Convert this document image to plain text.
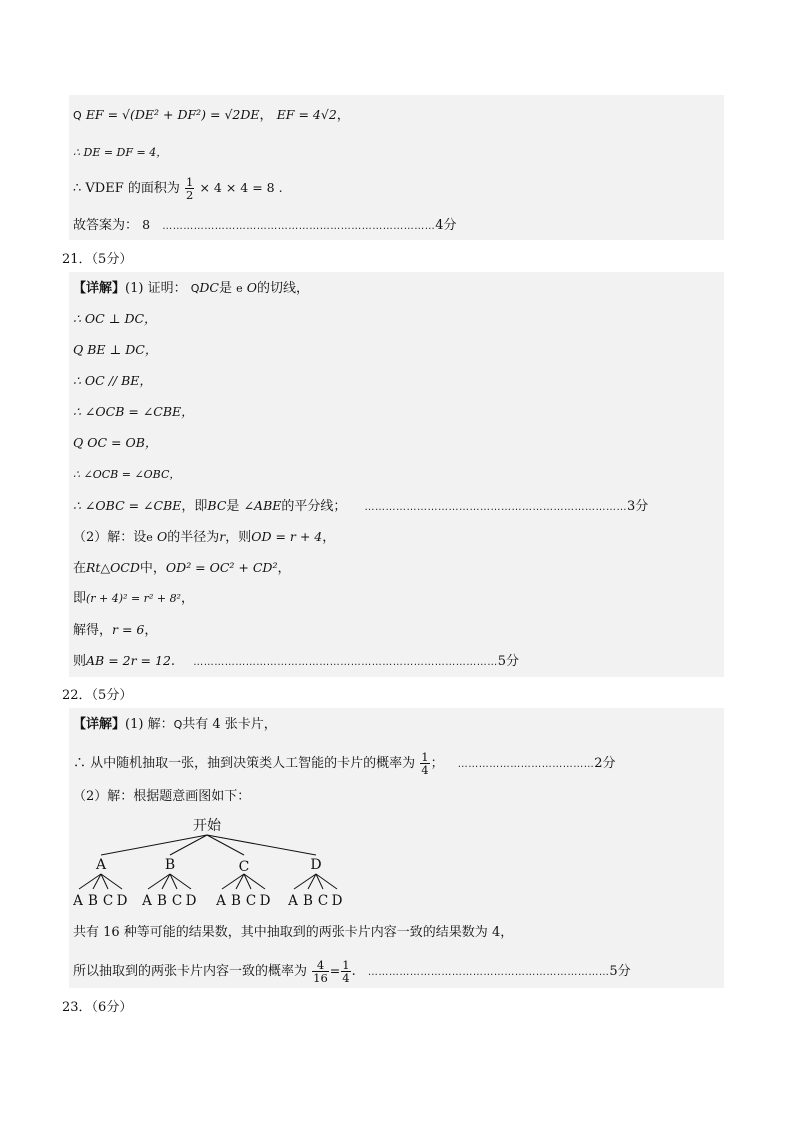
Q EF = √(DE² + DF²) = √2DE， EF = 4√2，
∴ DE = DF = 4，
∴ VDEF 的面积为 $\frac{1}{2} \times 4 \times 4 = 8$ .
故答案为： 8 ……………………………………………………………………4分
21．（5分）
【详解】(1) 证明： QDC是 e O的切线，
∴ OC ⊥ DC，
Q BE ⊥ DC，
∴ OC // BE，
∴ ∠OCB = ∠CBE，
Q OC = OB，
∴ ∠OCB = ∠OBC，
∴ ∠OBC = ∠CBE，即BC是 ∠ABE的平分线； …………………………………………………………………3分
（2）解：设e O的半径为r，则OD = r + 4，
在Rt△OCD中，OD² = OC² + CD²，
即(r + 4)² = r² + 8²，
解得，r = 6，
则AB = 2r = 12. ……………………………………………………………………………5分
22．（5分）
【详解】(1) 解：Q共有 4 张卡片，
∴ 从中随机抽取一张，抽到决策类人工智能的卡片的概率为 $\frac{1}{4}$ ； …………………………………2分
（2）解：根据题意画图如下：
开始
A
A B C D
B
A B C D
C
A B C D
D
A B C D
共有 16 种等可能的结果数，其中抽取到的两张卡片内容一致的结果数为 4，
所以抽取到的两张卡片内容一致的概率为 $\frac{4}{16} = \frac{1}{4}$ . ……………………………………………………………5分
23．（6分）
